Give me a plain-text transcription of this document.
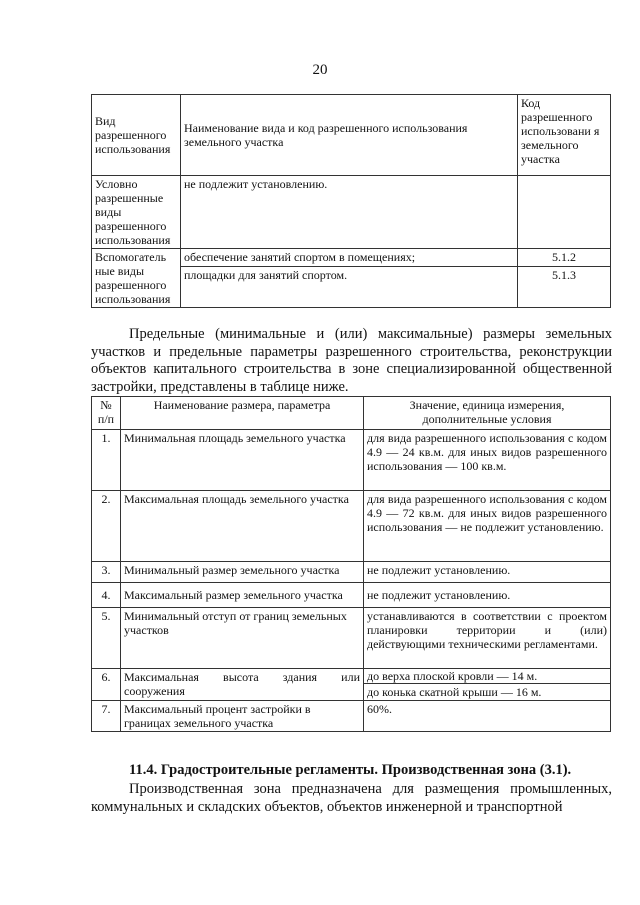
20
Вид разрешенного использования	Наименование вида и код разрешенного использования земельного участка	Код разрешенного использовани я земельного участка
Условно разрешенные виды разрешенного использования	не подлежит установлению.	
Вспомогатель ные виды разрешенного использования	обеспечение занятий спортом в помещениях;	5.1.2
	площадки для занятий спортом.	5.1.3

Предельные (минимальные и (или) максимальные) размеры земельных участков и предельные параметры разрешенного строительства, реконструкции объектов капитального строительства в зоне специализированной общественной застройки, представлены в таблице ниже.

№ п/п	Наименование размера, параметра	Значение, единица измерения, дополнительные условия
1.	Минимальная площадь земельного участка	для вида разрешенного использования с кодом 4.9 — 24 кв.м. для иных видов разрешенного использования — 100 кв.м.
2.	Максимальная площадь земельного участка	для вида разрешенного использования с кодом 4.9 — 72 кв.м. для иных видов разрешенного использования — не подлежит установлению.
3.	Минимальный размер земельного участка	не подлежит установлению.
4.	Максимальный размер земельного участка	не подлежит установлению.
5.	Минимальный отступ от границ земельных участков	устанавливаются в соответствии с проектом планировки территории и (или) действующими техническими регламентами.
6.	Максимальная высота здания или сооружения	до верха плоской кровли — 14 м.
до конька скатной крыши — 16 м.

7.	Максимальный процент застройки в границах земельного участка	60%.

11.4. Градостроительные регламенты. Производственная зона (3.1).

Производственная зона предназначена для размещения промышленных, коммунальных и складских объектов, объектов инженерной и транспортной
